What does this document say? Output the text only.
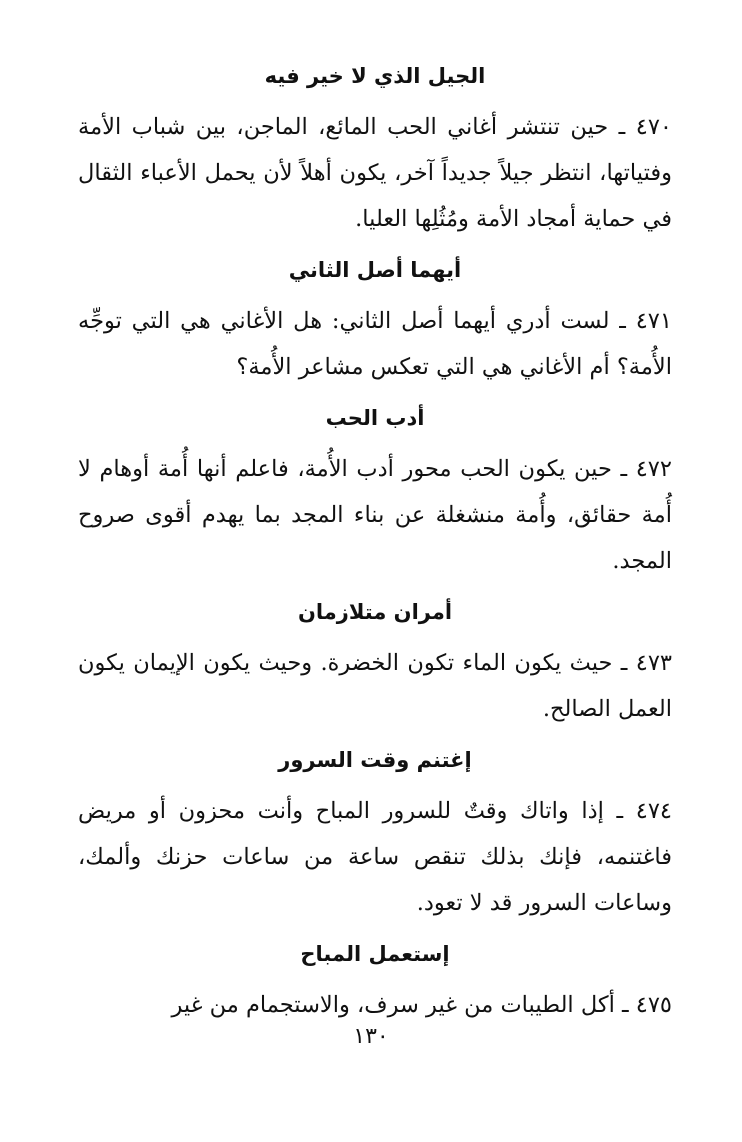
الجيل الذي لا خير فيه
٤٧٠ ـ حين تنتشر أغاني الحب المائع، الماجن، بين شباب الأمة وفتياتها، انتظر جيلاً جديداً آخر، يكون أهلاً لأن يحمل الأعباء الثقال في حماية أمجاد الأمة ومُثُلِها العليا.
أيهما أصل الثاني
٤٧١ ـ لست أدري أيهما أصل الثاني: هل الأغاني هي التي توجِّه الأُمة؟ أم الأغاني هي التي تعكس مشاعر الأُمة؟
أدب الحب
٤٧٢ ـ حين يكون الحب محور أدب الأُمة، فاعلم أنها أُمة أوهام لا أُمة حقائق، وأُمة منشغلة عن بناء المجد بما يهدم أقوى صروح المجد.
أمران متلازمان
٤٧٣ ـ حيث يكون الماء تكون الخضرة. وحيث يكون الإيمان يكون العمل الصالح.
إغتنم وقت السرور
٤٧٤ ـ إذا واتاك وقتٌ للسرور المباح وأنت محزون أو مريض فاغتنمه، فإنك بذلك تنقص ساعة من ساعات حزنك وألمك، وساعات السرور قد لا تعود.
إستعمل المباح
٤٧٥ ـ أكل الطيبات من غير سرف، والاستجمام من غير
١٣٠
